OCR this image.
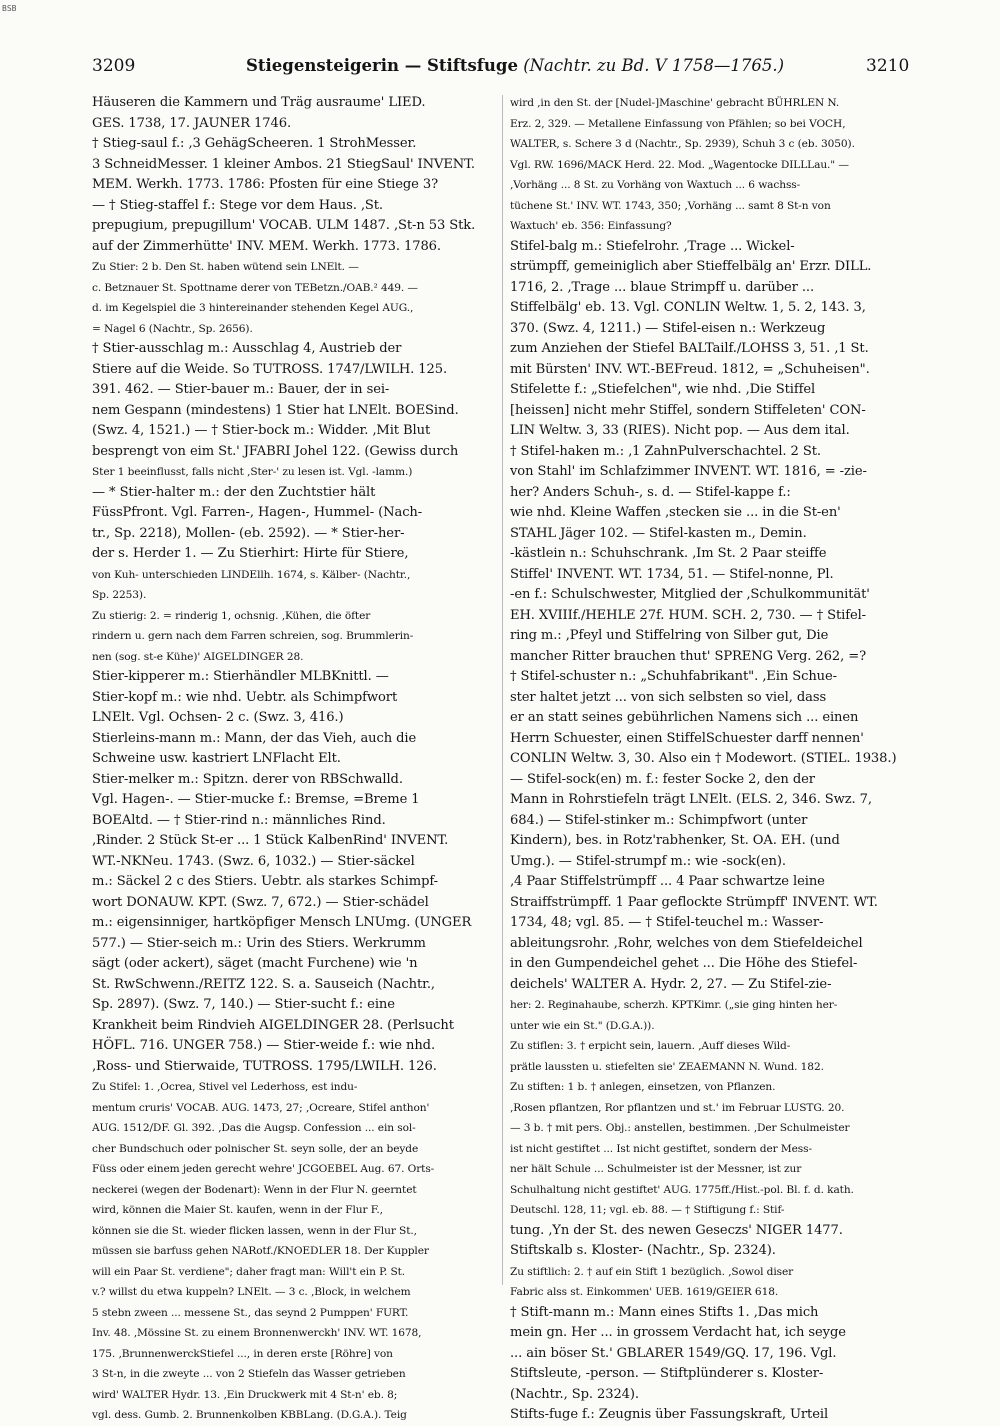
BSB
3209	Stiegensteigerin — Stiftsfuge (Nachtr. zu Bd. V 1758—1765.)	3210
Häuseren die Kammern und Träg ausraume' LIED.
GES. 1738, 17. JAUNER 1746.
† Stieg-saul f.: ‚3 GehägScheeren. 1 StrohMesser.
3 SchneidMesser. 1 kleiner Ambos. 21 StiegSaul' INVENT.
MEM. Werkh. 1773. 1786: Pfosten für eine Stiege 3?
— † Stieg-staffel f.: Stege vor dem Haus. ‚St.
prepugium, prepugillum' VOCAB. ULM 1487. ‚St-n 53 Stk.
auf der Zimmerhütte' INV. MEM. Werkh. 1773. 1786.
Zu Stier: 2 b. Den St. haben wütend sein LNElt. —
c. Betznauer St. Spottname derer von TEBetzn./OAB.² 449. —
d. im Kegelspiel die 3 hintereinander stehenden Kegel AUG.,
= Nagel 6 (Nachtr., Sp. 2656).
† Stier-ausschlag m.: Ausschlag 4, Austrieb der
Stiere auf die Weide. So TUTROSS. 1747/LWILH. 125.
391. 462. — Stier-bauer m.: Bauer, der in sei-
nem Gespann (mindestens) 1 Stier hat LNElt. BOESind.
(Swz. 4, 1521.) — † Stier-bock m.: Widder. ‚Mit Blut
besprengt von eim St.' JFABRI Johel 122. (Gewiss durch
Ster 1 beeinflusst, falls nicht ‚Ster-' zu lesen ist. Vgl. -lamm.)
— * Stier-halter m.: der den Zuchtstier hält
FüssPfront. Vgl. Farren-, Hagen-, Hummel- (Nach-
tr., Sp. 2218), Mollen- (eb. 2592). — * Stier-her-
der s. Herder 1. — Zu Stierhirt: Hirte für Stiere,
von Kuh- unterschieden LINDEllh. 1674, s. Kälber- (Nachtr.,
Sp. 2253).
Zu stierig: 2. = rinderig 1, ochsnig. ‚Kühen, die öfter
rindern u. gern nach dem Farren schreien, sog. Brummlerin-
nen (sog. st-e Kühe)' AIGELDINGER 28.
Stier-kipperer m.: Stierhändler MLBKnittl. —
Stier-kopf m.: wie nhd. Uebtr. als Schimpfwort
LNElt. Vgl. Ochsen- 2 c. (Swz. 3, 416.)
Stierleins-mann m.: Mann, der das Vieh, auch die
Schweine usw. kastriert LNFlacht Elt.
Stier-melker m.: Spitzn. derer von RBSchwalld.
Vgl. Hagen-. — Stier-mucke f.: Bremse, =Breme 1
BOEAltd. — † Stier-rind n.: männliches Rind.
‚Rinder. 2 Stück St-er ... 1 Stück KalbenRind' INVENT.
WT.-NKNeu. 1743. (Swz. 6, 1032.) — Stier-säckel
m.: Säckel 2 c des Stiers. Uebtr. als starkes Schimpf-
wort DONAUW. KPT. (Swz. 7, 672.) — Stier-schädel
m.: eigensinniger, hartköpfiger Mensch LNUmg. (UNGER
577.) — Stier-seich m.: Urin des Stiers. Werkrumm
sägt (oder ackert), säget (macht Furchene) wie 'n
St. RwSchwenn./REITZ 122. S. a. Sauseich (Nachtr.,
Sp. 2897). (Swz. 7, 140.) — Stier-sucht f.: eine
Krankheit beim Rindvieh AIGELDINGER 28. (Perlsucht
HÖFL. 716. UNGER 758.) — Stier-weide f.: wie nhd.
‚Ross- und Stierwaide, TUTROSS. 1795/LWILH. 126.
Zu Stifel: 1. ‚Ocrea, Stivel vel Lederhoss, est indu-
mentum cruris' VOCAB. AUG. 1473, 27; ‚Ocreare, Stifel anthon'
AUG. 1512/DF. Gl. 392. ‚Das die Augsp. Confession ... ein sol-
cher Bundschuch oder polnischer St. seyn solle, der an beyde
Füss oder einem jeden gerecht wehre' JCGOEBEL Aug. 67. Orts-
neckerei (wegen der Bodenart): Wenn in der Flur N. geerntet
wird, können die Maier St. kaufen, wenn in der Flur F.,
können sie die St. wieder flicken lassen, wenn in der Flur St.,
müssen sie barfuss gehen NARotf./KNOEDLER 18. Der Kuppler
will ein Paar St. verdiene"; daher fragt man: Will't ein P. St.
v.? willst du etwa kuppeln? LNElt. — 3 c. ‚Block, in welchem
5 stebn zween ... messene St., das seynd 2 Pumppen' FURT.
Inv. 48. ‚Mössine St. zu einem Bronnenwerckh' INV. WT. 1678,
175. ‚BrunnenwerckStiefel ..., in deren erste [Röhre] von
3 St-n, in die zweyte ... von 2 Stiefeln das Wasser getrieben
wird' WALTER Hydr. 13. ‚Ein Druckwerk mit 4 St-n' eb. 8;
vgl. dess. Gumb. 2. Brunnenkolben KBBLang. (D.G.A.). Teig
wird ‚in den St. der [Nudel-]Maschine' gebracht BÜHRLEN N.
Erz. 2, 329. — Metallene Einfassung von Pfählen; so bei VOCH,
WALTER, s. Schere 3 d (Nachtr., Sp. 2939), Schuh 3 c (eb. 3050).
Vgl. RW. 1696/MACK Herd. 22. Mod. „Wagentocke DILLLau." —
‚Vorhäng ... 8 St. zu Vorhäng von Waxtuch ... 6 wachss-
tüchene St.' INV. WT. 1743, 350; ‚Vorhäng ... samt 8 St-n von
Waxtuch' eb. 356: Einfassung?
Stifel-balg m.: Stiefelrohr. ‚Trage ... Wickel-
strümpff, gemeiniglich aber Stieffelbälg an' Erzr. DILL.
1716, 2. ‚Trage ... blaue Strimpff u. darüber ...
Stiffelbälg' eb. 13. Vgl. CONLIN Weltw. 1, 5. 2, 143. 3,
370. (Swz. 4, 1211.) — Stifel-eisen n.: Werkzeug
zum Anziehen der Stiefel BALTailf./LOHSS 3, 51. ‚1 St.
mit Bürsten' INV. WT.-BEFreud. 1812, = „Schuheisen".
Stifelette f.: „Stiefelchen", wie nhd. ‚Die Stiffel
[heissen] nicht mehr Stiffel, sondern Stiffeleten' CON-
LIN Weltw. 3, 33 (RIES). Nicht pop. — Aus dem ital.
† Stifel-haken m.: ‚1 ZahnPulverschachtel. 2 St.
von Stahl' im Schlafzimmer INVENT. WT. 1816, = -zie-
her? Anders Schuh-, s. d. — Stifel-kappe f.:
wie nhd. Kleine Waffen ‚stecken sie ... in die St-en'
STAHL Jäger 102. — Stifel-kasten m., Demin.
-kästlein n.: Schuhschrank. ‚Im St. 2 Paar steiffe
Stiffel' INVENT. WT. 1734, 51. — Stifel-nonne, Pl.
-en f.: Schulschwester, Mitglied der ‚Schulkommunität'
EH. XVIIIf./HEHLE 27f. HUM. SCH. 2, 730. — † Stifel-
ring m.: ‚Pfeyl und Stiffelring von Silber gut, Die
mancher Ritter brauchen thut' SPRENG Verg. 262, =?
† Stifel-schuster n.: „Schuhfabrikant". ‚Ein Schue-
ster haltet jetzt ... von sich selbsten so viel, dass
er an statt seines gebührlichen Namens sich ... einen
Herrn Schuester, einen StiffelSchuester darff nennen'
CONLIN Weltw. 3, 30. Also ein † Modewort. (STIEL. 1938.)
— Stifel-sock(en) m. f.: fester Socke 2, den der
Mann in Rohrstiefeln trägt LNElt. (ELS. 2, 346. Swz. 7,
684.) — Stifel-stinker m.: Schimpfwort (unter
Kindern), bes. in Rotz'rabhenker, St. OA. EH. (und
Umg.). — Stifel-strumpf m.: wie -sock(en).
‚4 Paar Stiffelstrümpff ... 4 Paar schwartze leine
Straiffstrümpff. 1 Paar geflockte Strümpff' INVENT. WT.
1734, 48; vgl. 85. — † Stifel-teuchel m.: Wasser-
ableitungsrohr. ‚Rohr, welches von dem Stiefeldeichel
in den Gumpendeichel gehet ... Die Höhe des Stiefel-
deichels' WALTER A. Hydr. 2, 27. — Zu Stifel-zie-
her: 2. Reginahaube, scherzh. KPTKimr. („sie ging hinten her-
unter wie ein St." (D.G.A.)).
Zu stiflen: 3. † erpicht sein, lauern. ‚Auff dieses Wild-
prätle laussten u. stiefelten sie' ZEAEMANN N. Wund. 182.
Zu stiften: 1 b. † anlegen, einsetzen, von Pflanzen.
‚Rosen pflantzen, Ror pflantzen und st.' im Februar LUSTG. 20.
— 3 b. † mit pers. Obj.: anstellen, bestimmen. ‚Der Schulmeister
ist nicht gestiftet ... Ist nicht gestiftet, sondern der Mess-
ner hält Schule ... Schulmeister ist der Messner, ist zur
Schulhaltung nicht gestiftet' AUG. 1775ff./Hist.-pol. Bl. f. d. kath.
Deutschl. 128, 11; vgl. eb. 88. — † Stiftigung f.: Stif-
tung. ‚Yn der St. des newen Geseczs' NIGER 1477.
Stiftskalb s. Kloster- (Nachtr., Sp. 2324).
Zu stiftlich: 2. † auf ein Stift 1 bezüglich. ‚Sowol diser
Fabric alss st. Einkommen' UEB. 1619/GEIER 618.
† Stift-mann m.: Mann eines Stifts 1. ‚Das mich
mein gn. Her ... in grossem Verdacht hat, ich seyge
... ain böser St.' GBLARER 1549/GQ. 17, 196. Vgl.
Stiftsleute, -person. — Stiftplünderer s. Kloster-
(Nachtr., Sp. 2324).
Stifts-fuge f.: Zeugnis über Fassungskraft, Urteil
